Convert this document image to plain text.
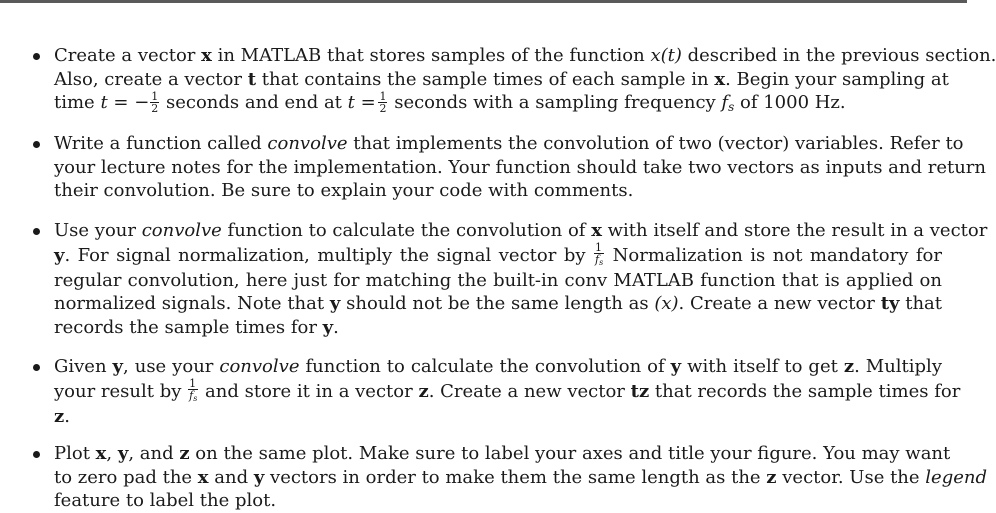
Create a vector x in MATLAB that stores samples of the function x(t) described in the previous section.
Also, create a vector t that contains the sample times of each sample in x. Begin your sampling at
time t = − $\frac{1}{2}$ seconds and end at t =  $\frac{1}{2}$ seconds with a sampling frequency $f_s$ of 1000 Hz.
Write a function called convolve that implements the convolution of two (vector) variables. Refer to
your lecture notes for the implementation. Your function should take two vectors as inputs and return
their convolution. Be sure to explain your code with comments.
Use your convolve function to calculate the convolution of x with itself and store the result in a vector
y. For signal normalization, multiply the signal vector by $\frac{1}{f_s}$ Normalization is not mandatory for
regular convolution, here just for matching the built-in conv MATLAB function that is applied on
normalized signals. Note that y should not be the same length as (x). Create a new vector ty that
records the sample times for y.
Given y, use your convolve function to calculate the convolution of y with itself to get z. Multiply
your result by $\frac{1}{f_s}$ and store it in a vector z. Create a new vector tz that records the sample times for
z.
Plot x, y, and z on the same plot. Make sure to label your axes and title your figure. You may want
to zero pad the x and y vectors in order to make them the same length as the z vector. Use the legend
feature to label the plot.
